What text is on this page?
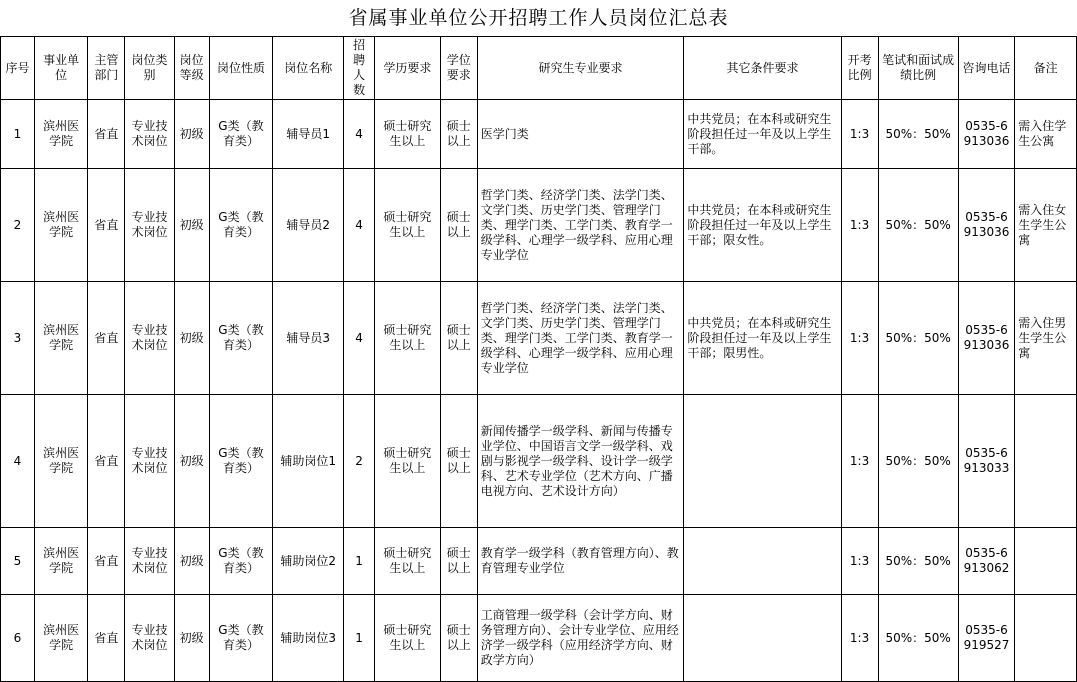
省属事业单位公开招聘工作人员岗位汇总表
序号	事业单位	主管部门	岗位类别	岗位等级	岗位性质	岗位名称	招聘人数	学历要求	学位要求	研究生专业要求	其它条件要求	开考比例	笔试和面试成绩比例	咨询电话	备注
1	滨州医学院	省直	专业技术岗位	初级	G类（教育类）	辅导员1	4	硕士研究生以上	硕士以上	医学门类	中共党员；在本科或研究生阶段担任过一年及以上学生干部。	1:3	50%：50%	0535-6913036	需入住学生公寓
2	滨州医学院	省直	专业技术岗位	初级	G类（教育类）	辅导员2	4	硕士研究生以上	硕士以上	哲学门类、经济学门类、法学门类、文学门类、历史学门类、管理学门类、理学门类、工学门类、教育学一级学科、心理学一级学科、应用心理专业学位	中共党员；在本科或研究生阶段担任过一年及以上学生干部；限女性。	1:3	50%：50%	0535-6913036	需入住女生学生公寓
3	滨州医学院	省直	专业技术岗位	初级	G类（教育类）	辅导员3	4	硕士研究生以上	硕士以上	哲学门类、经济学门类、法学门类、文学门类、历史学门类、管理学门类、理学门类、工学门类、教育学一级学科、心理学一级学科、应用心理专业学位	中共党员；在本科或研究生阶段担任过一年及以上学生干部；限男性。	1:3	50%：50%	0535-6913036	需入住男生学生公寓
4	滨州医学院	省直	专业技术岗位	初级	G类（教育类）	辅助岗位1	2	硕士研究生以上	硕士以上	新闻传播学一级学科、新闻与传播专业学位、中国语言文学一级学科、戏剧与影视学一级学科、设计学一级学科、艺术专业学位（艺术方向、广播电视方向、艺术设计方向）		1:3	50%：50%	0535-6913033	
5	滨州医学院	省直	专业技术岗位	初级	G类（教育类）	辅助岗位2	1	硕士研究生以上	硕士以上	教育学一级学科（教育管理方向）、教育管理专业学位		1:3	50%：50%	0535-6913062	
6	滨州医学院	省直	专业技术岗位	初级	G类（教育类）	辅助岗位3	1	硕士研究生以上	硕士以上	工商管理一级学科（会计学方向、财务管理方向）、会计专业学位、应用经济学一级学科（应用经济学方向、财政学方向）		1:3	50%：50%	0535-6919527	
